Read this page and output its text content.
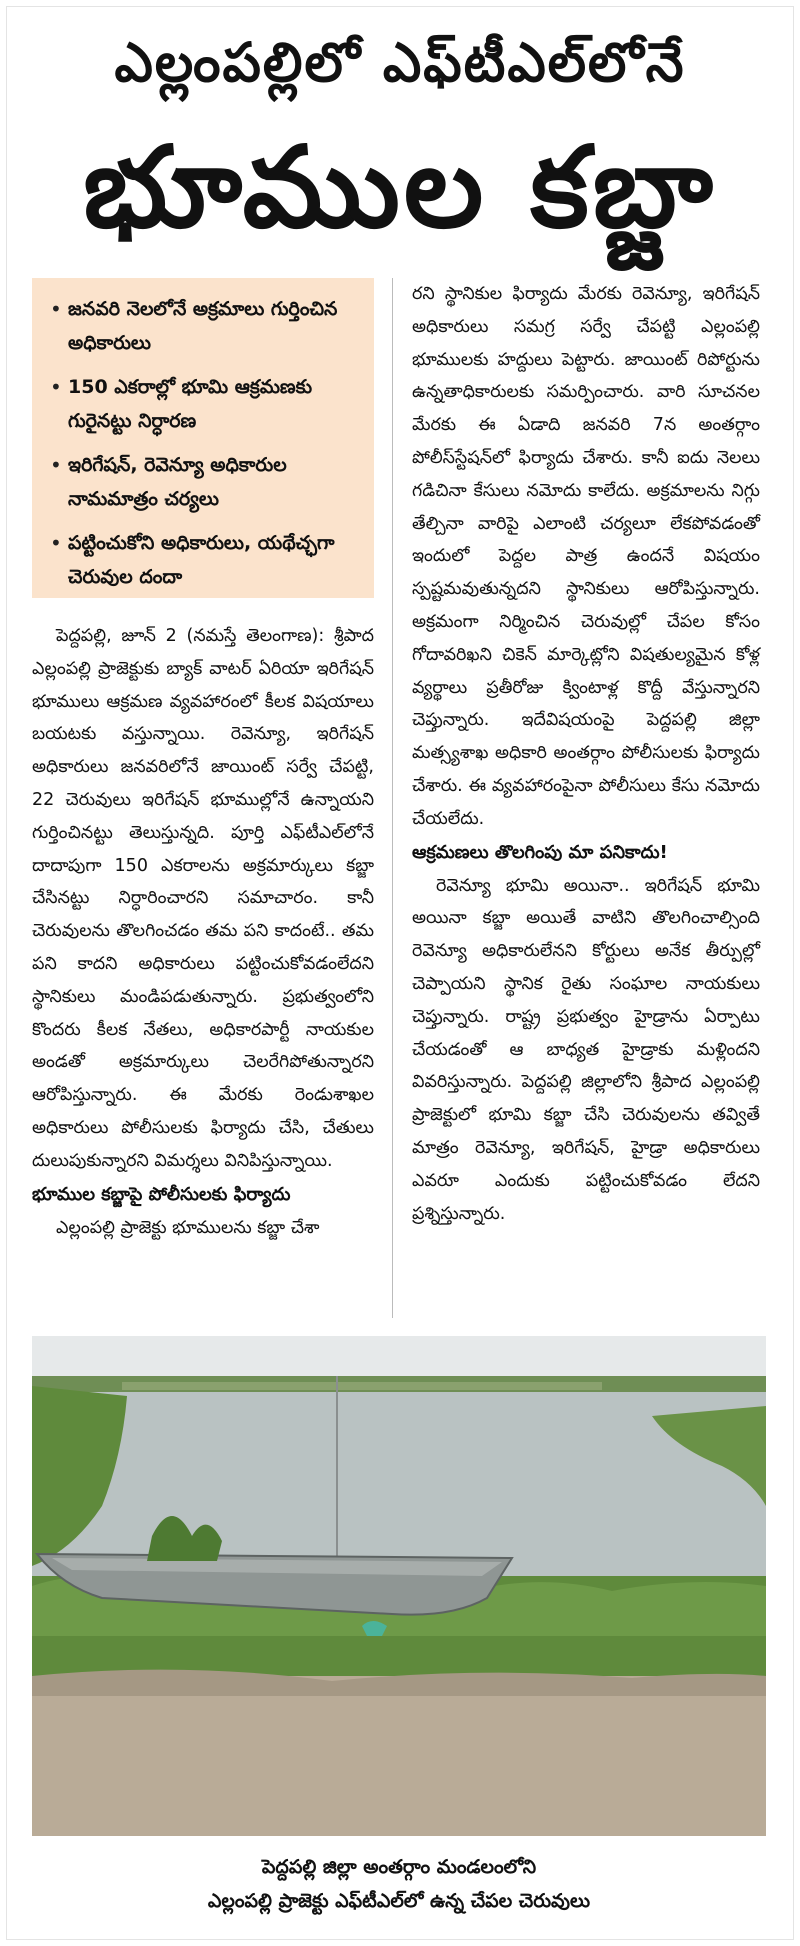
ఎల్లంపల్లిలో ఎఫ్‌టీఎల్‌లోనే
భూముల కబ్జా
• జనవరి నెలలోనే అక్రమాలు గుర్తించిన అధికారులు
• 150 ఎకరాల్లో భూమి ఆక్రమణకు గురైనట్టు నిర్ధారణ
• ఇరిగేషన్‌, రెవెన్యూ అధికారుల నామమాత్రం చర్యలు
• పట్టించుకోని అధికారులు, యథేచ్ఛగా చెరువుల దందా

పెద్దపల్లి, జూన్‌ 2 (నమస్తే తెలంగాణ): శ్రీపాద ఎల్లంపల్లి ప్రాజెక్టుకు బ్యాక్‌ వాటర్‌ ఏరియా ఇరిగేషన్‌ భూములు ఆక్రమణ వ్యవహారంలో కీలక విషయాలు బయటకు వస్తున్నాయి. రెవెన్యూ, ఇరిగేషన్‌ అధికారులు జనవరిలోనే జాయింట్‌ సర్వే చేపట్టి, 22 చెరువులు ఇరిగేషన్‌ భూముల్లోనే ఉన్నాయని గుర్తించినట్టు తెలుస్తున్నది. పూర్తి ఎఫ్‌టీఎల్‌లోనే దాదాపుగా 150 ఎకరాలను అక్రమార్కులు కబ్జా చేసినట్టు నిర్ధారించారని సమాచారం. కానీ చెరువులను తొలగించడం తమ పని కాదంటే.. తమ పని కాదని అధికారులు పట్టించుకోవడంలేదని స్థానికులు మండిపడుతున్నారు. ప్రభుత్వంలోని కొందరు కీలక నేతలు, అధికారపార్టీ నాయకుల అండతో అక్రమార్కులు చెలరేగిపోతున్నారని ఆరోపిస్తున్నారు. ఈ మేరకు రెండుశాఖల అధికారులు పోలీసులకు ఫిర్యాదు చేసి, చేతులు దులుపుకున్నారని విమర్శలు వినిపిస్తున్నాయి.

భూముల కబ్జాపై పోలీసులకు ఫిర్యాదు

ఎల్లంపల్లి ప్రాజెక్టు భూములను కబ్జా చేశా

రని స్థానికుల ఫిర్యాదు మేరకు రెవెన్యూ, ఇరిగేషన్‌ అధికారులు సమగ్ర సర్వే చేపట్టి ఎల్లంపల్లి భూములకు హద్దులు పెట్టారు. జాయింట్‌ రిపోర్టును ఉన్నతాధికారులకు సమర్పించారు. వారి సూచనల మేరకు ఈ ఏడాది జనవరి 7న అంతర్గాం పోలీస్‌స్టేషన్‌లో ఫిర్యాదు చేశారు. కానీ ఐదు నెలలు గడిచినా కేసులు నమోదు కాలేదు. అక్రమాలను నిగ్గు తేల్చినా వారిపై ఎలాంటి చర్యలూ లేకపోవడంతో ఇందులో పెద్దల పాత్ర ఉందనే విషయం స్పష్టమవుతున్నదని స్థానికులు ఆరోపిస్తున్నారు. అక్రమంగా నిర్మించిన చెరువుల్లో చేపల కోసం గోదావరిఖని చికెన్‌ మార్కెట్లోని విషతుల్యమైన కోళ్ల వ్యర్థాలు ప్రతీరోజు క్వింటాళ్ల కొద్దీ వేస్తున్నారని చెప్తున్నారు. ఇదేవిషయంపై పెద్దపల్లి జిల్లా మత్స్యశాఖ అధికారి అంతర్గాం పోలీసులకు ఫిర్యాదు చేశారు. ఈ వ్యవహారంపైనా పోలీసులు కేసు నమోదు చేయలేదు.

ఆక్రమణలు తొలగింపు మా పనికాదు!

రెవెన్యూ భూమి అయినా.. ఇరిగేషన్‌ భూమి అయినా కబ్జా అయితే వాటిని తొలగించాల్సింది రెవెన్యూ అధికారులేనని కోర్టులు అనేక తీర్పుల్లో చెప్పాయని స్థానిక రైతు సంఘాల నాయకులు చెప్తున్నారు. రాష్ట్ర ప్రభుత్వం హైడ్రాను ఏర్పాటు చేయడంతో ఆ బాధ్యత హైడ్రాకు మళ్లిందని వివరిస్తున్నారు. పెద్దపల్లి జిల్లాలోని శ్రీపాద ఎల్లంపల్లి ప్రాజెక్టులో భూమి కబ్జా చేసి చెరువులను తవ్వితే మాత్రం రెవెన్యూ, ఇరిగేషన్‌, హైడ్రా అధికారులు ఎవరూ ఎందుకు పట్టించుకోవడం లేదని ప్రశ్నిస్తున్నారు.

పెద్దపల్లి జిల్లా అంతర్గాం మండలంలోని
ఎల్లంపల్లి ప్రాజెక్టు ఎఫ్‌టీఎల్‌లో ఉన్న చేపల చెరువులు
